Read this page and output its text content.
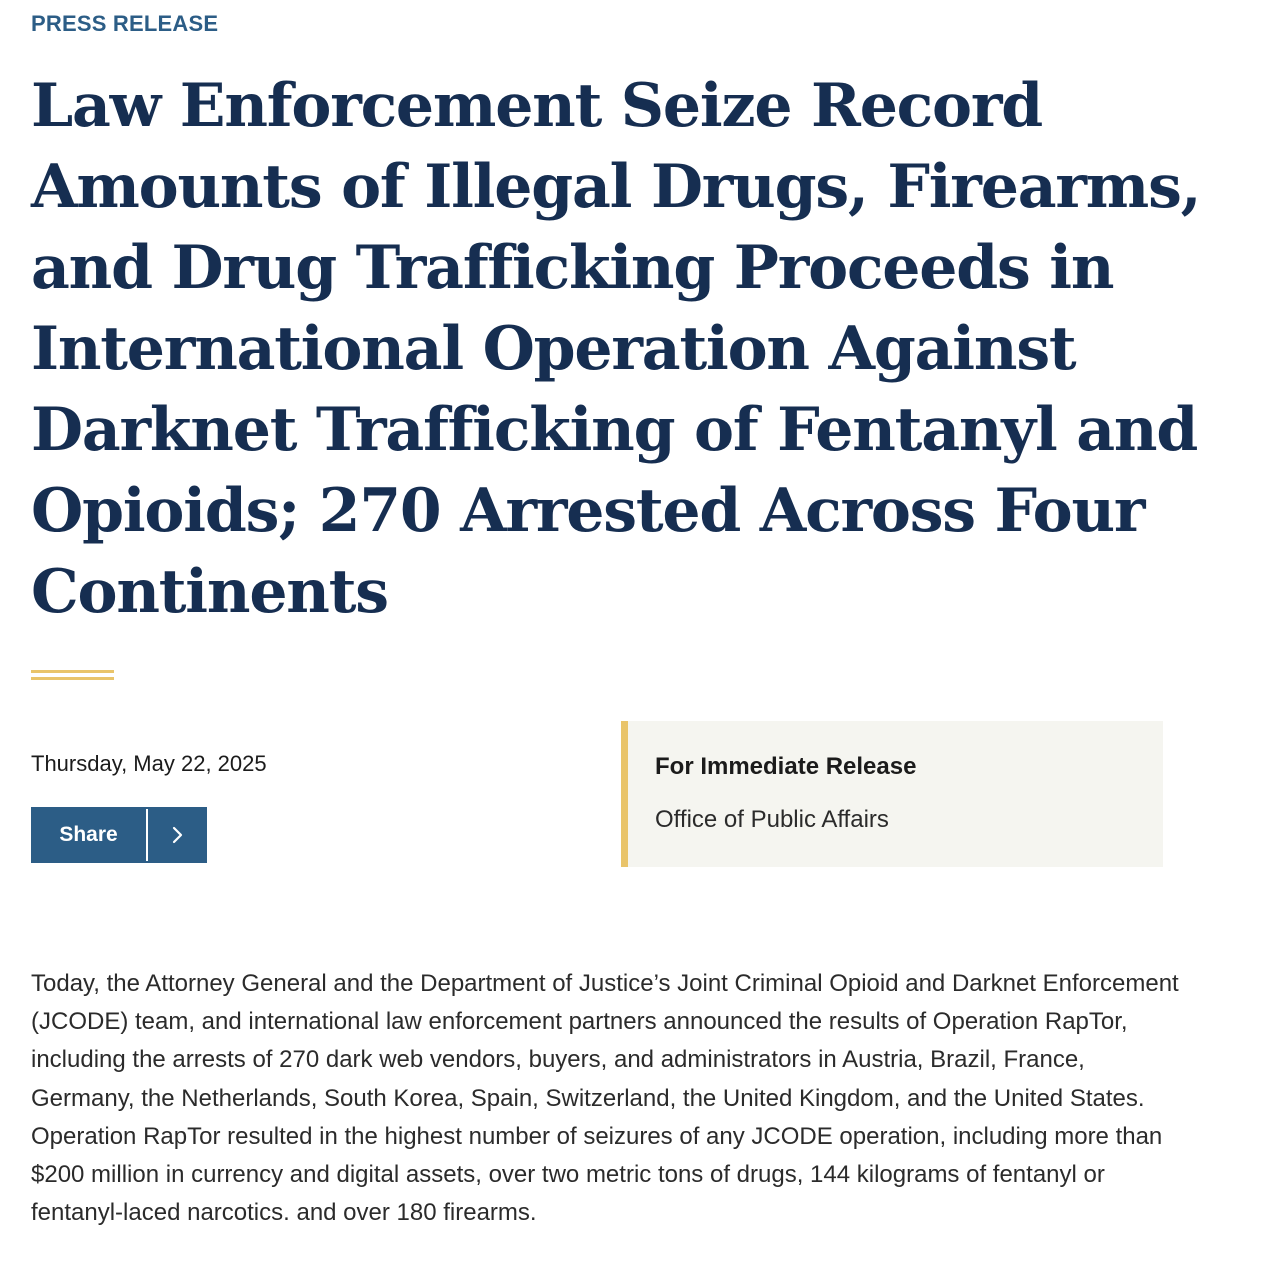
PRESS RELEASE
Law Enforcement Seize Record Amounts of Illegal Drugs, Firearms, and Drug Trafficking Proceeds in International Operation Against Darknet Trafficking of Fentanyl and Opioids; 270 Arrested Across Four Continents
Thursday, May 22, 2025
Share
For Immediate Release
Office of Public Affairs

Today, the Attorney General and the Department of Justice’s Joint Criminal Opioid and Darknet Enforcement (JCODE) team, and international law enforcement partners announced the results of Operation RapTor, including the arrests of 270 dark web vendors, buyers, and administrators in Austria, Brazil, France, Germany, the Netherlands, South Korea, Spain, Switzerland, the United Kingdom, and the United States. Operation RapTor resulted in the highest number of seizures of any JCODE operation, including more than $200 million in currency and digital assets, over two metric tons of drugs, 144 kilograms of fentanyl or fentanyl-laced narcotics. and over 180 firearms.
